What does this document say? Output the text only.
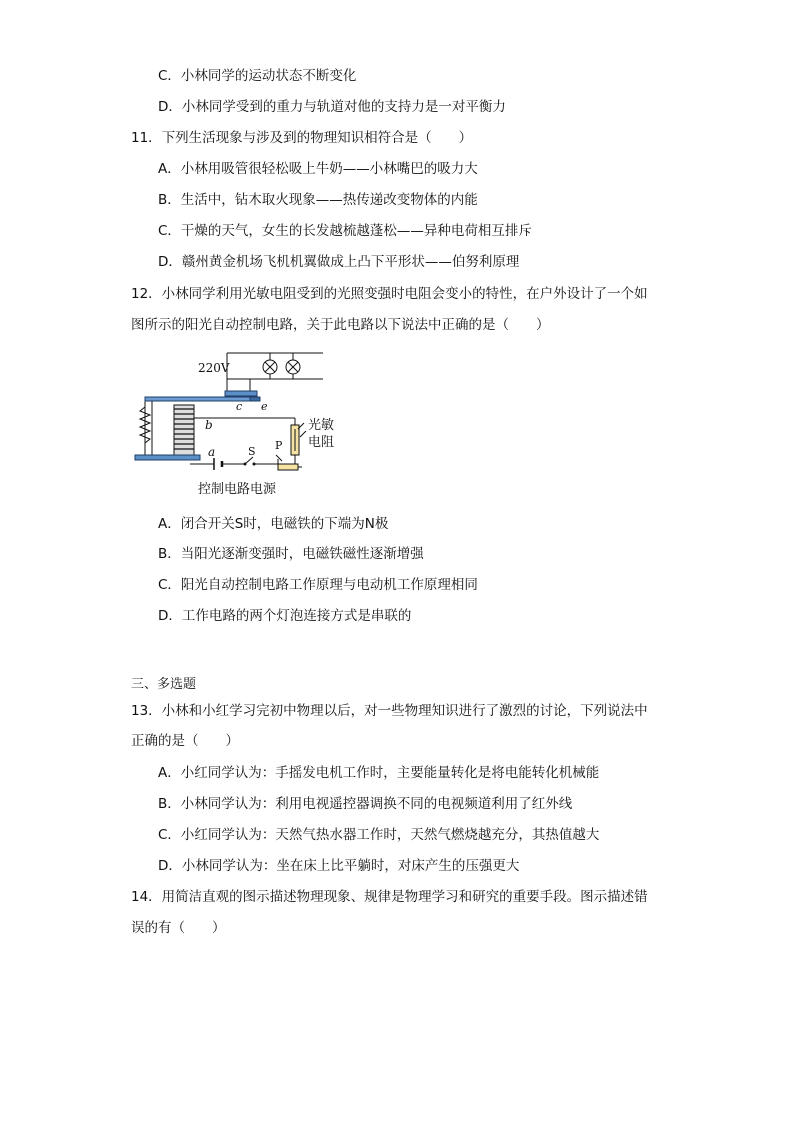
C．小林同学的运动状态不断变化
D．小林同学受到的重力与轨道对他的支持力是一对平衡力
11．下列生活现象与涉及到的物理知识相符合是（　　）
A．小林用吸管很轻松吸上牛奶——小林嘴巴的吸力大
B．生活中，钻木取火现象——热传递改变物体的内能
C．干燥的天气，女生的长发越梳越蓬松——异种电荷相互排斥
D．赣州黄金机场飞机机翼做成上凸下平形状——伯努利原理
12．小林同学利用光敏电阻受到的光照变强时电阻会变小的特性，在户外设计了一个如
图所示的阳光自动控制电路，关于此电路以下说法中正确的是（　　）
220V
c e
b
a	S P
光敏
电阻
控制电路电源
A．闭合开关S时，电磁铁的下端为N极
B．当阳光逐渐变强时，电磁铁磁性逐渐增强
C．阳光自动控制电路工作原理与电动机工作原理相同
D．工作电路的两个灯泡连接方式是串联的
三、多选题
13．小林和小红学习完初中物理以后，对一些物理知识进行了激烈的讨论，下列说法中
正确的是（　　）
A．小红同学认为：手摇发电机工作时，主要能量转化是将电能转化机械能
B．小林同学认为：利用电视遥控器调换不同的电视频道利用了红外线
C．小红同学认为：天然气热水器工作时，天然气燃烧越充分，其热值越大
D．小林同学认为：坐在床上比平躺时，对床产生的压强更大
14．用简洁直观的图示描述物理现象、规律是物理学习和研究的重要手段。图示描述错
误的有（　　）
